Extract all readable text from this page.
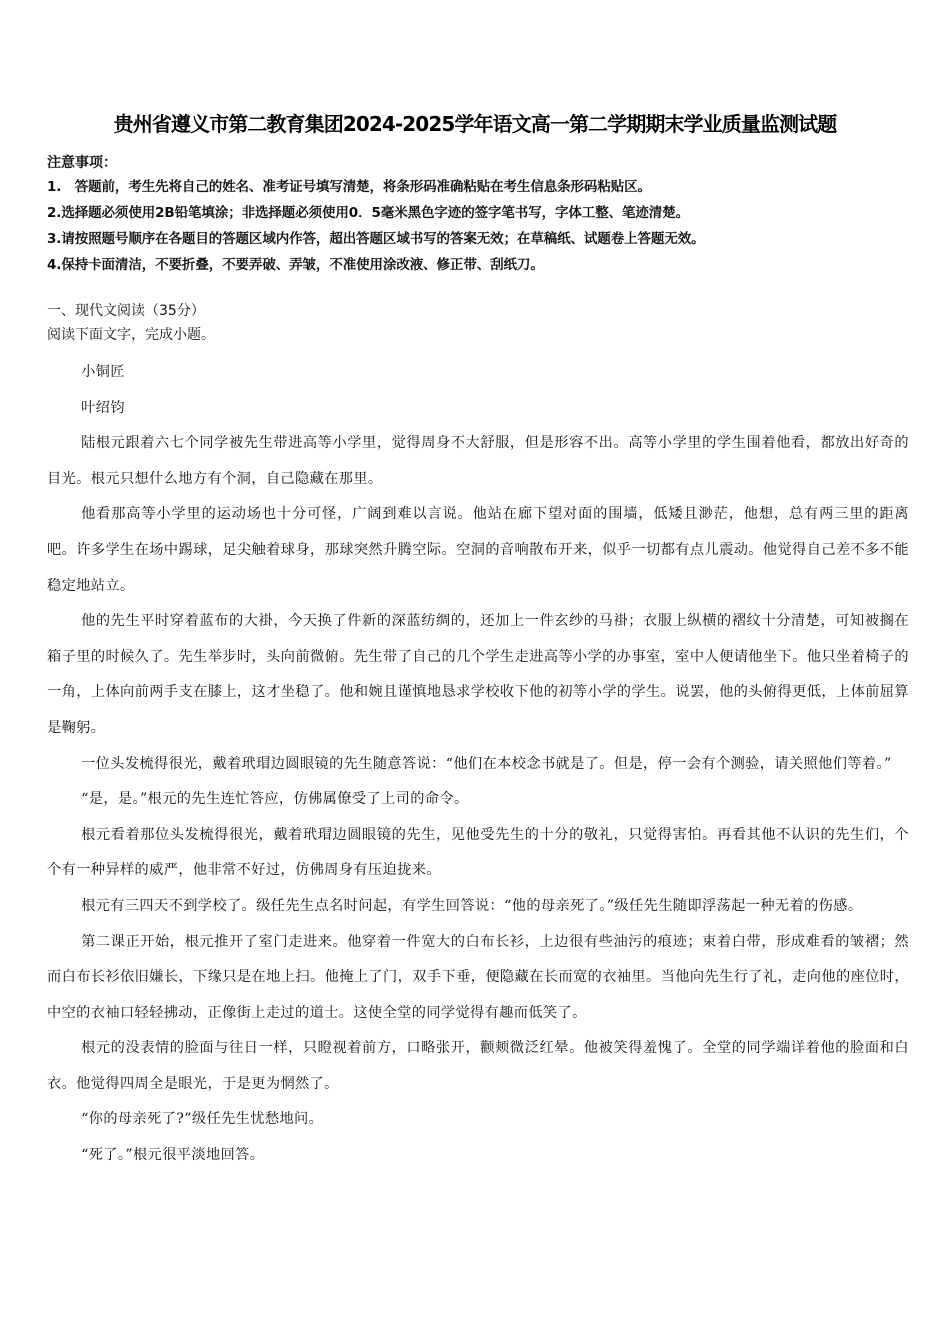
贵州省遵义市第二教育集团2024-2025学年语文高一第二学期期末学业质量监测试题
注意事项：
1.　答题前，考生先将自己的姓名、准考证号填写清楚，将条形码准确粘贴在考生信息条形码粘贴区。
2.选择题必须使用2B铅笔填涂；非选择题必须使用0．5毫米黑色字迹的签字笔书写，字体工整、笔迹清楚。
3.请按照题号顺序在各题目的答题区域内作答，超出答题区域书写的答案无效；在草稿纸、试题卷上答题无效。
4.保持卡面清洁，不要折叠，不要弄破、弄皱，不准使用涂改液、修正带、刮纸刀。
一、现代文阅读（35分）
阅读下面文字，完成小题。

小铜匠

叶绍钧

陆根元跟着六七个同学被先生带进高等小学里，觉得周身不大舒服，但是形容不出。高等小学里的学生围着他看，都放出好奇的目光。根元只想什么地方有个洞，自己隐藏在那里。

他看那高等小学里的运动场也十分可怪，广阔到难以言说。他站在廊下望对面的围墙，低矮且渺茫，他想，总有两三里的距离吧。许多学生在场中踢球，足尖触着球身，那球突然升腾空际。空洞的音响散布开来，似乎一切都有点儿震动。他觉得自己差不多不能稳定地站立。

他的先生平时穿着蓝布的大褂，今天换了件新的深蓝纺绸的，还加上一件玄纱的马褂；衣服上纵横的褶纹十分清楚，可知被搁在箱子里的时候久了。先生举步时，头向前微俯。先生带了自己的几个学生走进高等小学的办事室，室中人便请他坐下。他只坐着椅子的一角，上体向前两手支在膝上，这才坐稳了。他和婉且谨慎地恳求学校收下他的初等小学的学生。说罢，他的头俯得更低，上体前屈算是鞠躬。

一位头发梳得很光，戴着玳瑁边圆眼镜的先生随意答说：“他们在本校念书就是了。但是，停一会有个测验，请关照他们等着。”

“是，是。”根元的先生连忙答应，仿佛属僚受了上司的命令。

根元看着那位头发梳得很光，戴着玳瑁边圆眼镜的先生，见他受先生的十分的敬礼，只觉得害怕。再看其他不认识的先生们，个个有一种异样的威严，他非常不好过，仿佛周身有压迫拢来。

根元有三四天不到学校了。级任先生点名时问起，有学生回答说：“他的母亲死了。”级任先生随即浮荡起一种无着的伤感。

第二课正开始，根元推开了室门走进来。他穿着一件宽大的白布长衫，上边很有些油污的痕迹；束着白带，形成难看的皱褶；然而白布长衫依旧嫌长，下缘只是在地上扫。他掩上了门，双手下垂，便隐藏在长而宽的衣袖里。当他向先生行了礼，走向他的座位时，中空的衣袖口轻轻拂动，正像街上走过的道士。这使全堂的同学觉得有趣而低笑了。

根元的没表情的脸面与往日一样，只瞪视着前方，口略张开，颧颊微泛红晕。他被笑得羞愧了。全堂的同学端详着他的脸面和白衣。他觉得四周全是眼光，于是更为惘然了。

“你的母亲死了?”级任先生忧愁地问。

“死了。”根元很平淡地回答。
